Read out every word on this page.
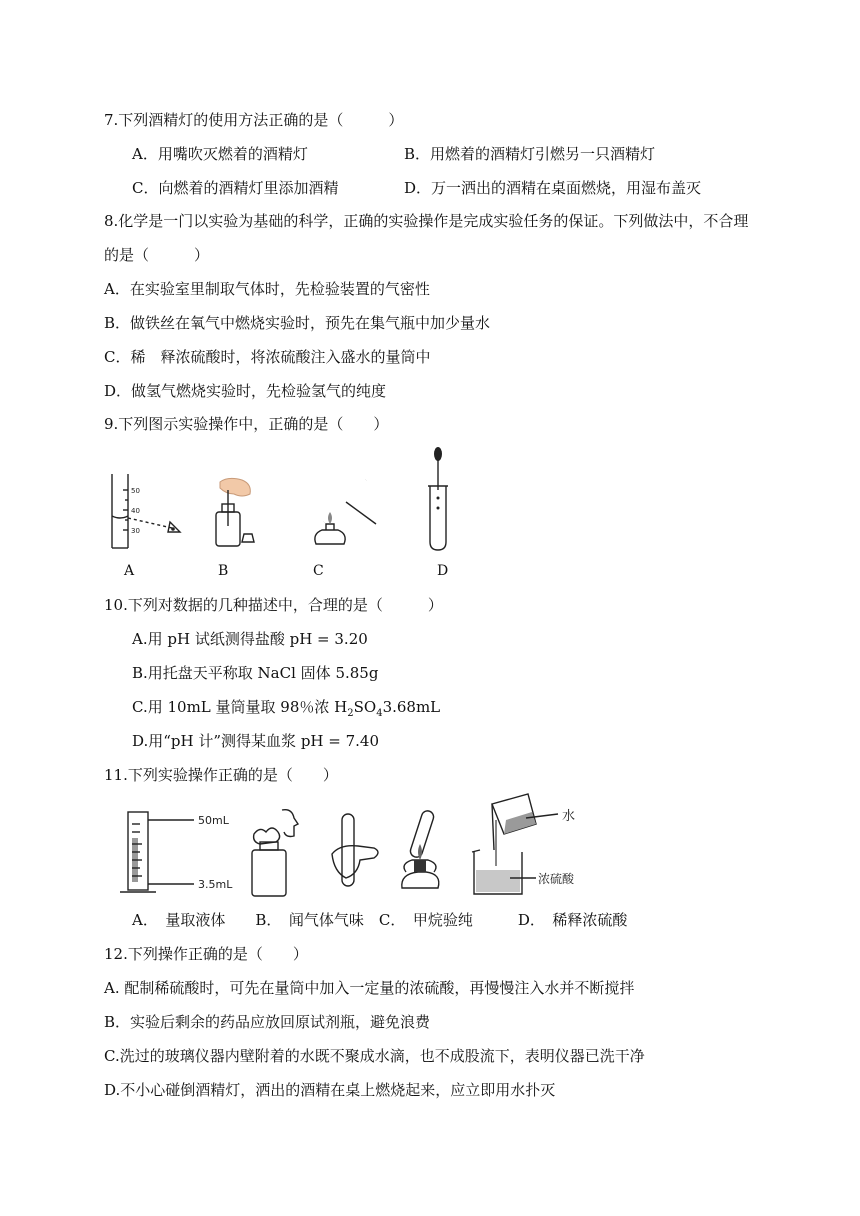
7.下列酒精灯的使用方法正确的是（　　　）
A．用嘴吹灭燃着的酒精灯	B．用燃着的酒精灯引燃另一只酒精灯
C．向燃着的酒精灯里添加酒精	D．万一洒出的酒精在桌面燃烧，用湿布盖灭
8.化学是一门以实验为基础的科学，正确的实验操作是完成实验任务的保证。下列做法中，不合理
的是（　　　）
A．在实验室里制取气体时，先检验装置的气密性
B．做铁丝在氧气中燃烧实验时，预先在集气瓶中加少量水
C．稀　释浓硫酸时，将浓硫酸注入盛水的量筒中
D．做氢气燃烧实验时，先检验氢气的纯度
9.下列图示实验操作中，正确的是（　　）
50
40
30
A	B	C	D
10.下列对数据的几种描述中，合理的是（　　　）
A.用 pH 试纸测得盐酸 pH = 3.20
B.用托盘天平称取 NaCl 固体 5.85g
C.用 10mL 量筒量取 98％浓 $H_2SO_43.68mL$
D.用“pH 计”测得某血浆 pH = 7.40
11.下列实验操作正确的是（　　）
50mL
3.5mL
水
浓硫酸
A．　量取液体　　B．　闻气体气味　C．　甲烷验纯　　　D．　稀释浓硫酸
12.下列操作正确的是（　　）
A. 配制稀硫酸时，可先在量筒中加入一定量的浓硫酸，再慢慢注入水并不断搅拌
B．实验后剩余的药品应放回原试剂瓶，避免浪费
C.洗过的玻璃仪器内壁附着的水既不聚成水滴，也不成股流下，表明仪器已洗干净
D.不小心碰倒酒精灯，洒出的酒精在桌上燃烧起来，应立即用水扑灭
